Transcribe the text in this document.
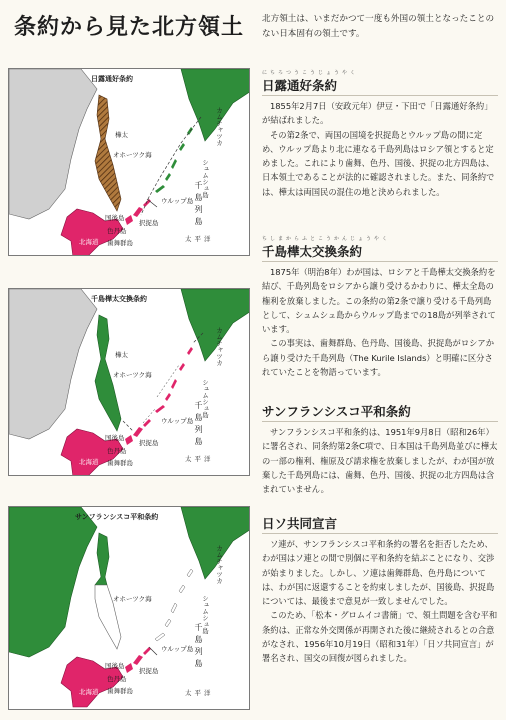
条約から見た北方領土 北方領土は、いまだかつて一度も外国の領土となったことのない日本固有の領土です。
日露通好条約
カムチャツカ
シュムシュ島
樺太
オホーツク海
千島列島
ウルップ島
択捉島
国後島
色丹島
歯舞群島
北海道	太平洋
千島樺太交換条約
カムチャツカ
シュムシュ島
樺太
オホーツク海
千島列島
ウルップ島
択捉島
国後島
色丹島
歯舞群島
北海道	太平洋
サンフランシスコ平和条約
カムチャツカ
シュムシュ島
オホーツク海
千島列島
ウルップ島
択捉島
国後島
色丹島
歯舞群島
北海道	太平洋
にちろつうこうじょうやく
日露通好条約

1855年2月7日（安政元年）伊豆・下田で「日露通好条約」が結ばれました。

その第2条で、両国の国境を択捉島とウルップ島の間に定め、ウルップ島より北に連なる千島列島はロシア領とすると定めました。これにより歯舞、色丹、国後、択捉の北方四島は、日本領土であることが法的に確認されました。また、同条約では、樺太は両国民の混住の地と決められました。

ちしまからふとこうかんじょうやく
千島樺太交換条約

1875年（明治8年）わが国は、ロシアと千島樺太交換条約を結び、千島列島をロシアから譲り受けるかわりに、樺太全島の権利を放棄しました。この条約の第2条で譲り受ける千島列島として、シュムシュ島からウルップ島までの18島が列挙されています。

この事実は、歯舞群島、色丹島、国後島、択捉島がロシアから譲り受けた千島列島（The Kurile Islands）と明確に区分されていたことを物語っています。

サンフランシスコ平和条約

サンフランシスコ平和条約は、1951年9月8日（昭和26年）に署名され、同条約第2条C項で、日本国は千島列島並びに樺太の一部の権利、権原及び請求権を放棄しましたが、わが国が放棄した千島列島には、歯舞、色丹、国後、択捉の北方四島は含まれていません。

日ソ共同宣言

ソ連が、サンフランシスコ平和条約の署名を拒否したため、わが国はソ連との間で別個に平和条約を結ぶことになり、交渉が始まりました。しかし、ソ連は歯舞群島、色丹島については、わが国に返還することを約束しましたが、国後島、択捉島については、最後まで意見が一致しませんでした。

このため、「松本・グロムイコ書簡」で、領土問題を含む平和条約は、正常な外交関係が再開された後に継続されるとの合意がなされ、1956年10月19日（昭和31年）「日ソ共同宣言」が署名され、国交の回復が図られました。
